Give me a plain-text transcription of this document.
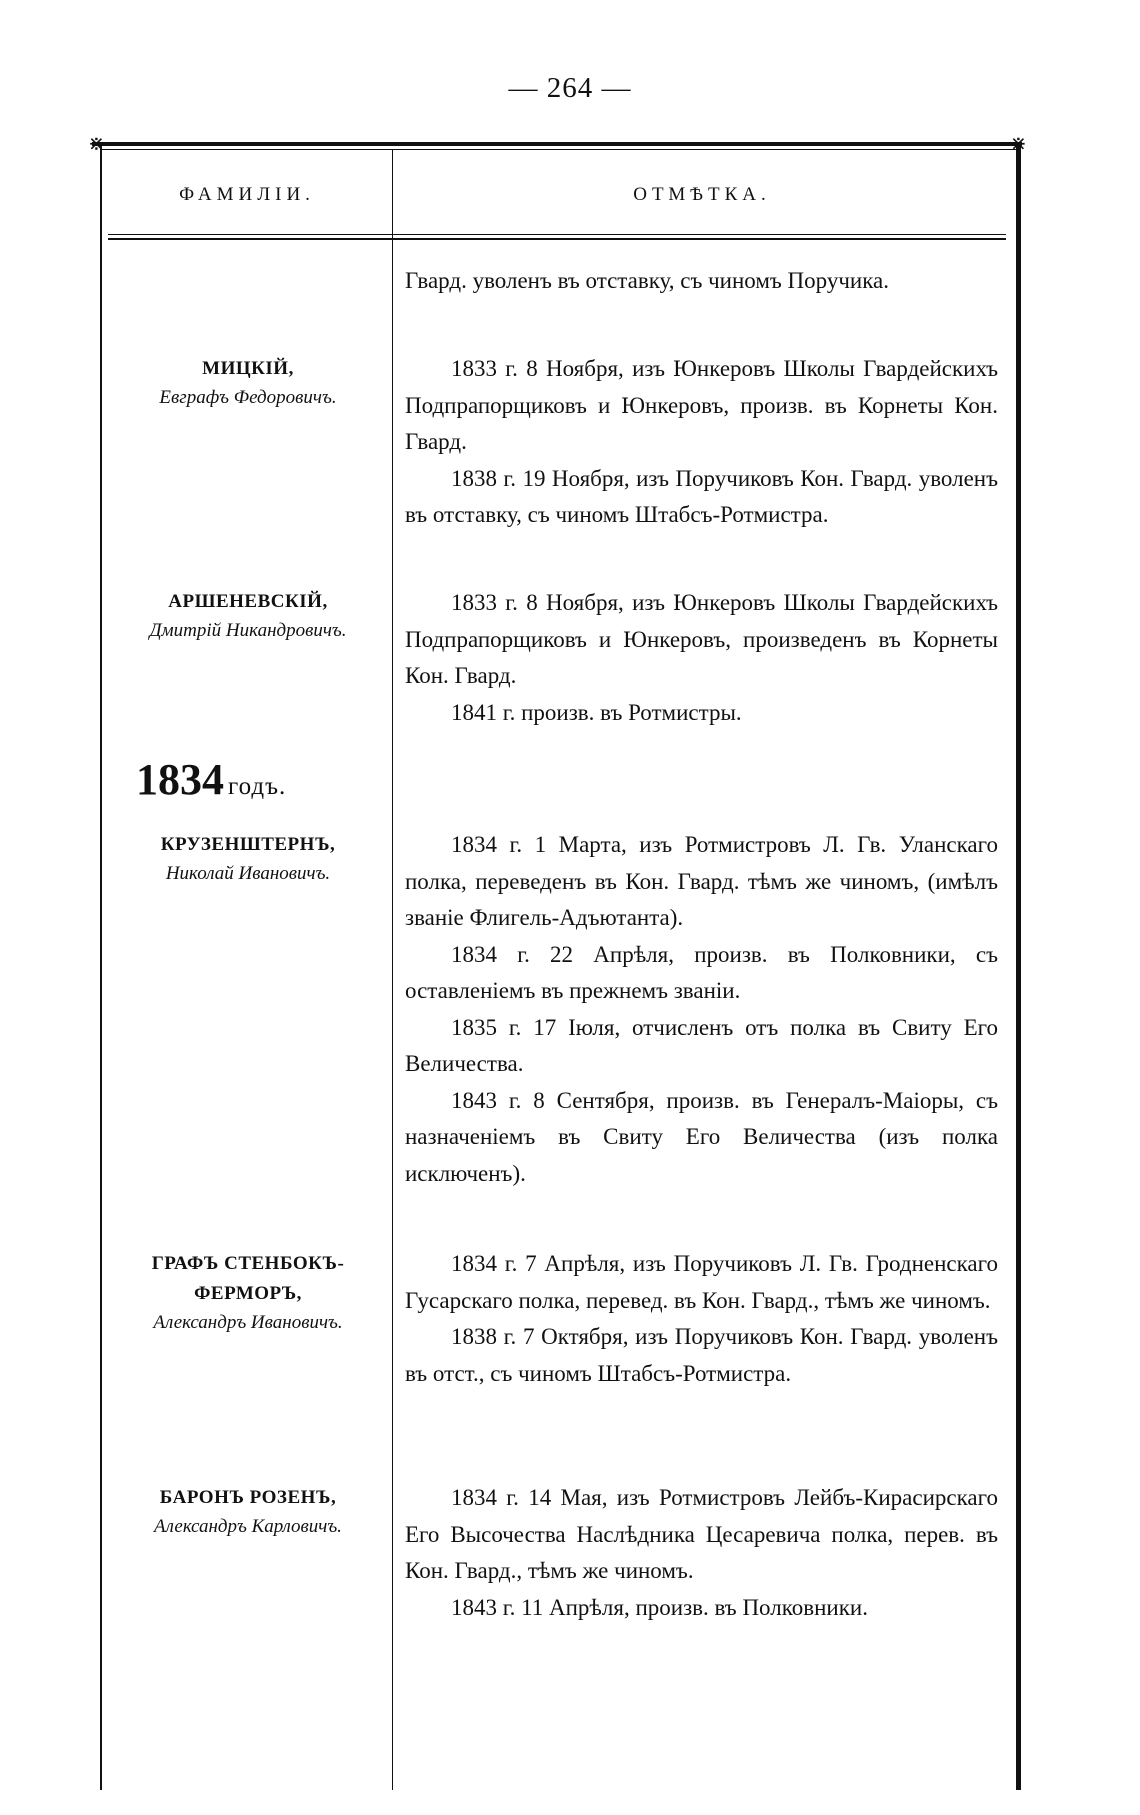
— 264 —
⋇	⋇
ФАМИЛІИ.	ОТМѢТКА.
МИЦКІЙ,
Евграфъ Федоровичъ.

Гвард. уволенъ въ отставку, съ чиномъ Поручика.

1833 г. 8 Ноября, изъ Юнкеровъ Школы Гвардейскихъ Подпрапорщиковъ и Юнкеровъ, произв. въ Корнеты Кон. Гвард.

1838 г. 19 Ноября, изъ Поручиковъ Кон. Гвард. уволенъ въ отставку, съ чиномъ Штабсъ-Ротмистра.

АРШЕНЕВСКІЙ,
Дмитрій Никандровичъ.

1833 г. 8 Ноября, изъ Юнкеровъ Школы Гвардейскихъ Подпрапорщиковъ и Юнкеровъ, произведенъ въ Корнеты Кон. Гвард.

1841 г. произв. въ Ротмистры.

1834 годъ.
КРУЗЕНШТЕРНЪ,
Николай Ивановичъ.

1834 г. 1 Марта, изъ Ротмистровъ Л. Гв. Уланскаго полка, переведенъ въ Кон. Гвард. тѣмъ же чиномъ, (имѣлъ званіе Флигель-Адъютанта).

1834 г. 22 Апрѣля, произв. въ Полковники, съ оставленіемъ въ прежнемъ званіи.

1835 г. 17 Іюля, отчисленъ отъ полка въ Свиту Его Величества.

1843 г. 8 Сентября, произв. въ Генералъ-Маіоры, съ назначеніемъ въ Свиту Его Величества (изъ полка исключенъ).

ГРАФЪ СТЕНБОКЪ-ФЕРМОРЪ,
Александръ Ивановичъ.

1834 г. 7 Апрѣля, изъ Поручиковъ Л. Гв. Гродненскаго Гусарскаго полка, перевед. въ Кон. Гвард., тѣмъ же чиномъ.

1838 г. 7 Октября, изъ Поручиковъ Кон. Гвард. уволенъ въ отст., съ чиномъ Штабсъ-Ротмистра.

БАРОНЪ РОЗЕНЪ,
Александръ Карловичъ.

1834 г. 14 Мая, изъ Ротмистровъ Лейбъ-Кирасирскаго Его Высочества Наслѣдника Цесаревича полка, перев. въ Кон. Гвард., тѣмъ же чиномъ.

1843 г. 11 Апрѣля, произв. въ Полковники.
